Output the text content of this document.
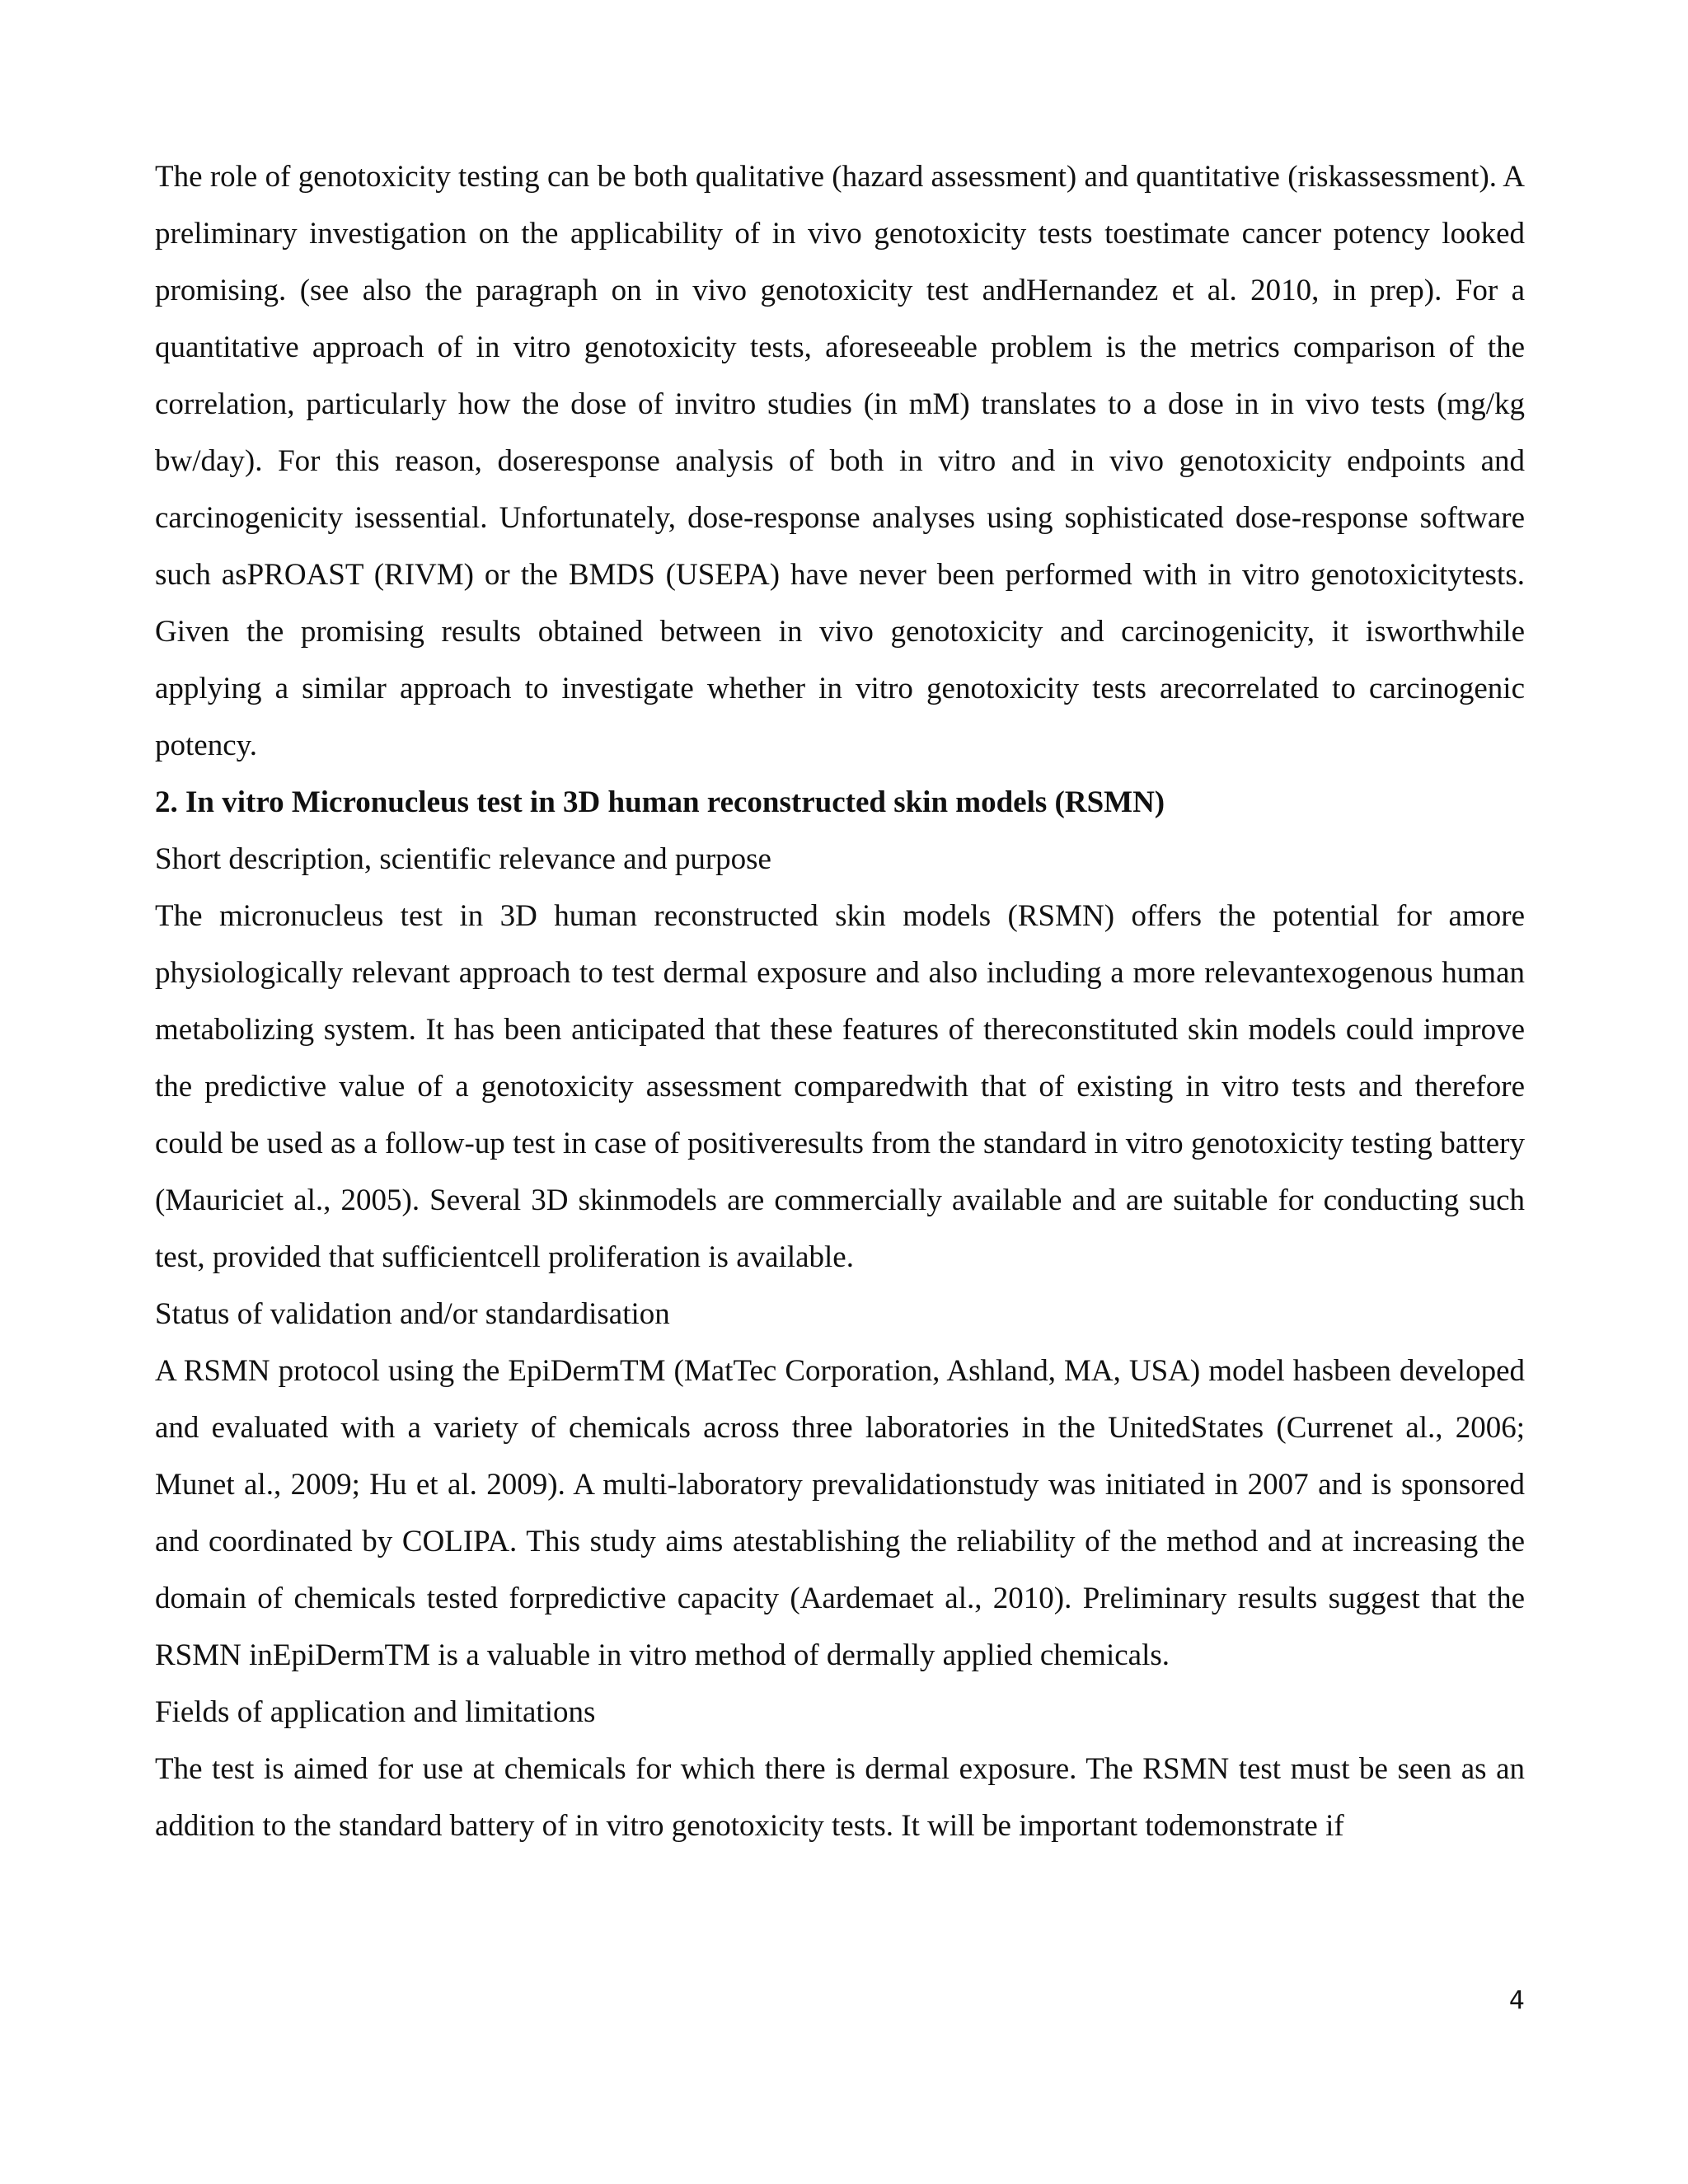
The role of genotoxicity testing can be both qualitative (hazard assessment) and quantitative (riskassessment). A preliminary investigation on the applicability of in vivo genotoxicity tests toestimate cancer potency looked promising. (see also the paragraph on in vivo genotoxicity test andHernandez et al. 2010, in prep). For a quantitative approach of in vitro genotoxicity tests, aforeseeable problem is the metrics comparison of the correlation, particularly how the dose of invitro studies (in mM) translates to a dose in in vivo tests (mg/kg bw/day). For this reason, doseresponse analysis of both in vitro and in vivo genotoxicity endpoints and carcinogenicity isessential. Unfortunately, dose-response analyses using sophisticated dose-response software such asPROAST (RIVM) or the BMDS (USEPA) have never been performed with in vitro genotoxicitytests. Given the promising results obtained between in vivo genotoxicity and carcinogenicity, it isworthwhile applying a similar approach to investigate whether in vitro genotoxicity tests arecorrelated to carcinogenic potency.

2. In vitro Micronucleus test in 3D human reconstructed skin models (RSMN)

Short description, scientific relevance and purpose

The micronucleus test in 3D human reconstructed skin models (RSMN) offers the potential for amore physiologically relevant approach to test dermal exposure and also including a more relevantexogenous human metabolizing system. It has been anticipated that these features of thereconstituted skin models could improve the predictive value of a genotoxicity assessment comparedwith that of existing in vitro tests and therefore could be used as a follow-up test in case of positiveresults from the standard in vitro genotoxicity testing battery (Mauriciet al., 2005). Several 3D skinmodels are commercially available and are suitable for conducting such test, provided that sufficientcell proliferation is available.

Status of validation and/or standardisation

A RSMN protocol using the EpiDermTM (MatTec Corporation, Ashland, MA, USA) model hasbeen developed and evaluated with a variety of chemicals across three laboratories in the UnitedStates (Currenet al., 2006; Munet al., 2009; Hu et al. 2009). A multi-laboratory prevalidationstudy was initiated in 2007 and is sponsored and coordinated by COLIPA. This study aims atestablishing the reliability of the method and at increasing the domain of chemicals tested forpredictive capacity (Aardemaet al., 2010). Preliminary results suggest that the RSMN inEpiDermTM is a valuable in vitro method of dermally applied chemicals.

Fields of application and limitations

The test is aimed for use at chemicals for which there is dermal exposure. The RSMN test must be seen as an addition to the standard battery of in vitro genotoxicity tests. It will be important todemonstrate if

4
